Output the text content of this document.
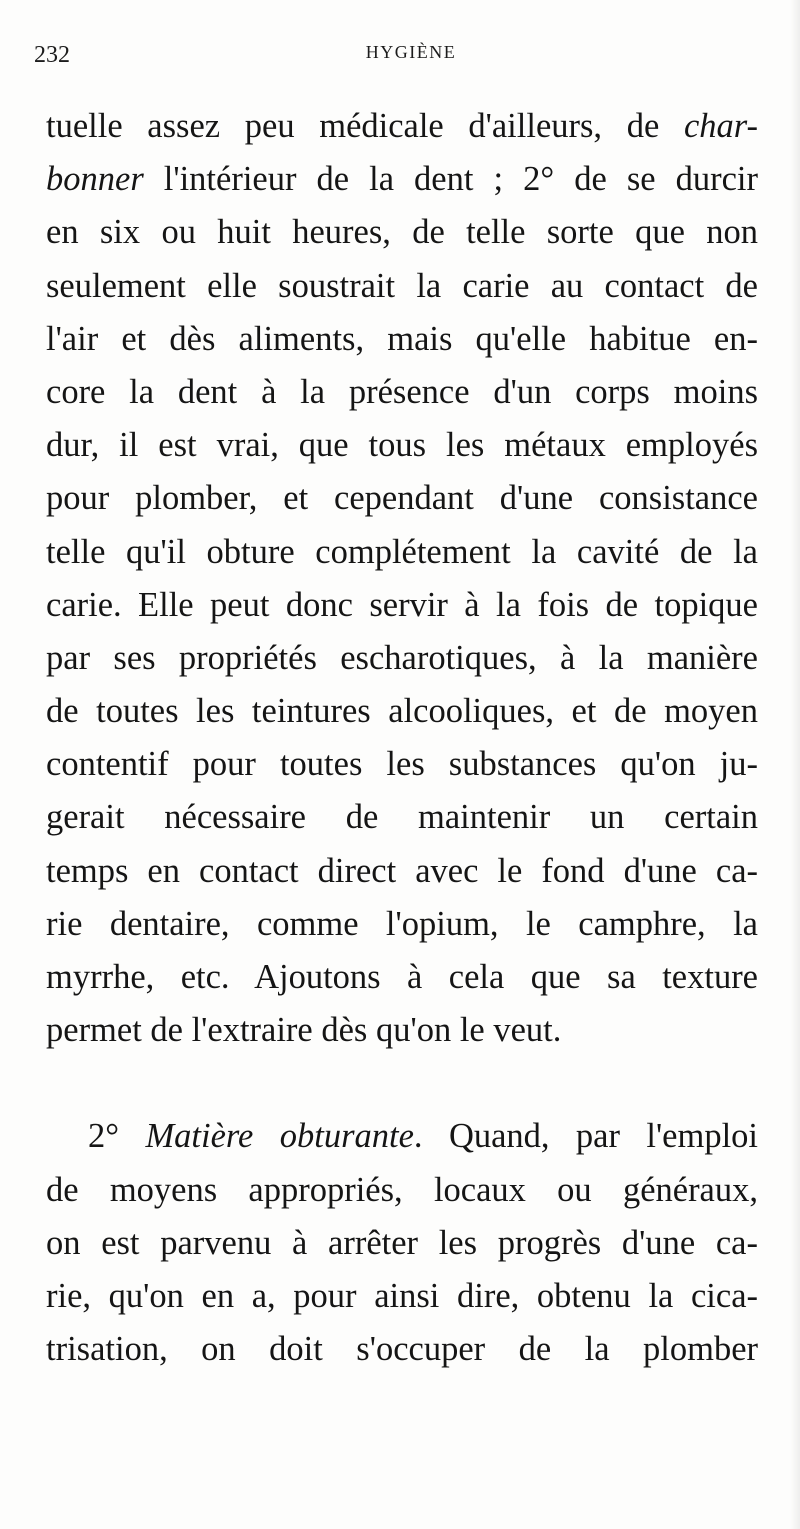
232	HYGIÈNE
tuelle assez peu médicale d'ailleurs, de char-
bonner l'intérieur de la dent ; 2° de se durcir
en six ou huit heures, de telle sorte que non
seulement elle soustrait la carie au contact de
l'air et dès aliments, mais qu'elle habitue en-
core la dent à la présence d'un corps moins
dur, il est vrai, que tous les métaux employés
pour plomber, et cependant d'une consistance
telle qu'il obture complétement la cavité de la
carie. Elle peut donc servir à la fois de topique
par ses propriétés escharotiques, à la manière
de toutes les teintures alcooliques, et de moyen
contentif pour toutes les substances qu'on ju-
gerait nécessaire de maintenir un certain
temps en contact direct avec le fond d'une ca-
rie dentaire, comme l'opium, le camphre, la
myrrhe, etc. Ajoutons à cela que sa texture
permet de l'extraire dès qu'on le veut.
2° Matière obturante. Quand, par l'emploi
de moyens appropriés, locaux ou généraux,
on est parvenu à arrêter les progrès d'une ca-
rie, qu'on en a, pour ainsi dire, obtenu la cica-
trisation, on doit s'occuper de la plomber
